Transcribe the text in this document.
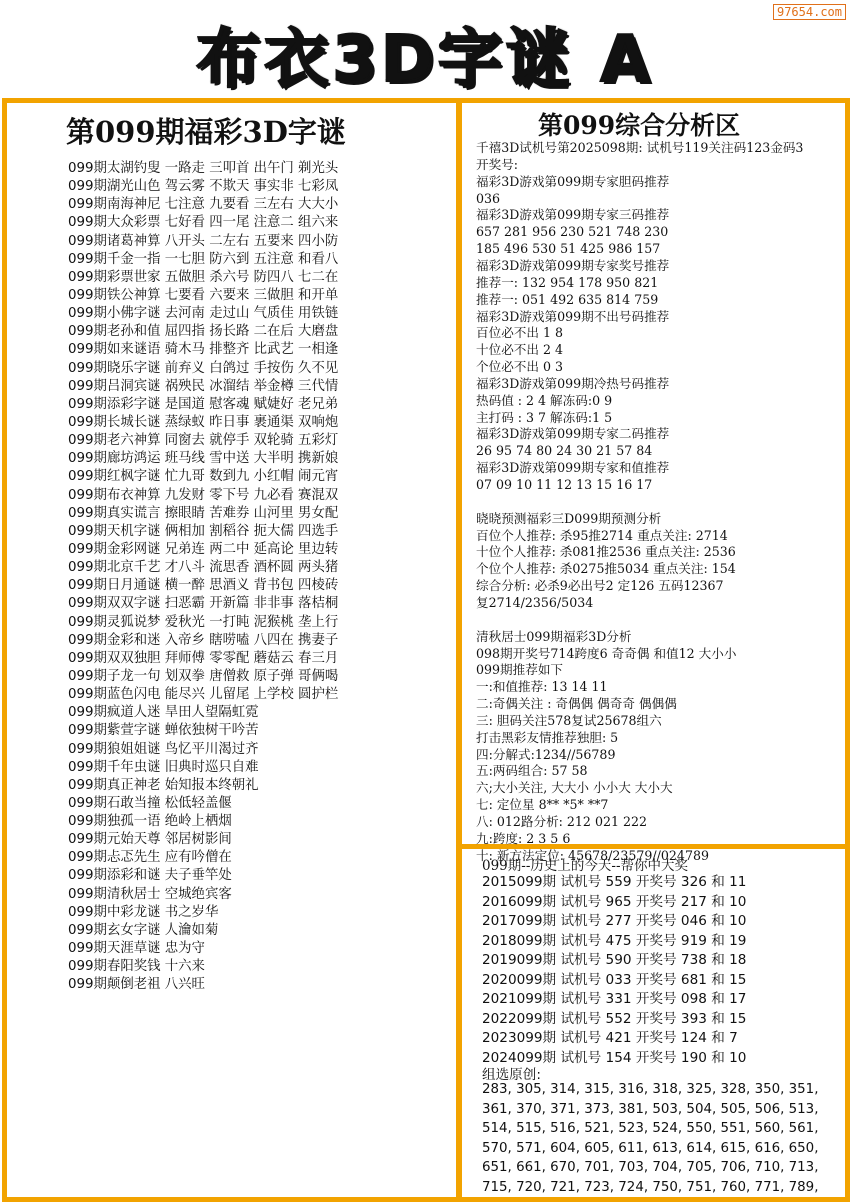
97654.com
布衣3D字谜 A
第099期福彩3D字谜
099期太湖钓叟 一路走 三叩首 出午门 剃光头
099期湖光山色 驾云雾 不欺天 事实非 七彩凤
099期南海神尼 七注意 九要看 三左右 大大小
099期大众彩票 七好看 四一尾 注意二 组六来
099期诸葛神算 八开头 二左右 五要来 四小防
099期千金一指 一七胆 防六到 五注意 和看八
099期彩票世家 五做胆 杀六号 防四八 七二在
099期铁公神算 七要看 六要来 三做胆 和开单
099期小佛字谜 去河南 走过山 气质佳 用铁链
099期老孙和值 屈四指 扬长路 二在后 大磨盘
099期如来谜语 骑木马 排整齐 比武艺 一相逢
099期晓乐字谜 前弃义 白鸽过 手按伤 久不见
099期吕洞宾谜 祸殃民 冰溜结 举金樽 三代情
099期添彩字谜 是国道 慰客魂 赋婕好 老兄弟
099期长城长谜 蒸绿蚁 昨日事 裹通渠 双响炮
099期老六神算 同窗去 就停手 双轮骑 五彩灯
099期廊坊鸿运 班马线 雪中送 大半明 携新娘
099期红枫字谜 忙九哥 数到九 小红帽 闹元宵
099期布衣神算 九发财 零下号 九必看 赛混双
099期真实谎言 擦眼睛 苦难券 山河里 男女配
099期天机字谜 俩相加 割稻谷 扼大儒 四选手
099期金彩网谜 兄弟连 两二中 延高论 里边转
099期北京千艺 才八斗 流思香 酒杯圆 两头猪
099期日月通谜 横一醉 思酒义 背书包 四棱砖
099期双双字谜 扫恶霸 开新篇 非非事 落桔桐
099期灵狐说梦 爱秋光 一打盹 泥猴桃 垄上行
099期金彩和迷 入帝乡 瞎唠嗑 八四在 携妻子
099期双双独胆 拜师傅 零零配 蘑菇云 春三月
099期子龙一句 划双拳 唐僧救 原子弹 哥俩喝
099期蓝色闪电 能尽兴 儿留尾 上学校 圆护栏
099期疯道人迷 旱田人望隔虹霓
099期紫萱字谜 蝉依独树干吟苦
099期狼姐姐谜 鸟忆平川渴过齐
099期千年虫谜 旧典时巡只自难
099期真正神老 始知报本终朝礼
099期石敢当撞 松低轻盖偃
099期独孤一语 绝岭上栖烟
099期元始天尊 邻居树影间
099期忐忑先生 应有吟僧在
099期添彩和谜 夫子垂竿处
099期清秋居士 空城绝宾客
099期中彩龙谜 书之岁华
099期玄女字谜 人瀹如菊
099期天涯草谜 忠为守
099期春阳奖钱 十六来
099期颠倒老祖 八兴旺
第099综合分析区
千禧3D试机号第2025098期: 试机号119关注码123金码3
开奖号:
福彩3D游戏第099期专家胆码推荐
036
福彩3D游戏第099期专家三码推荐
657 281 956 230 521 748 230
185 496 530 51 425 986 157
福彩3D游戏第099期专家奖号推荐
推荐一: 132 954 178 950 821
推荐一: 051 492 635 814 759
福彩3D游戏第099期不出号码推荐
百位必不出 1 8
十位必不出 2 4
个位必不出 0 3
福彩3D游戏第099期冷热号码推荐
热码值 : 2 4 解冻码:0 9
主打码 : 3 7 解冻码:1 5
福彩3D游戏第099期专家二码推荐
26 95 74 80 24 30 21 57 84
福彩3D游戏第099期专家和值推荐
07 09 10 11 12 13 15 16 17
晓晓预测福彩三D099期预测分析
百位个人推荐: 杀95推2714 重点关注: 2714
十位个人推荐: 杀081推2536 重点关注: 2536
个位个人推荐: 杀0275推5034 重点关注: 154
综合分析: 必杀9必出号2 定126 五码12367
复2714/2356/5034
清秋居士099期福彩3D分析
098期开奖号714跨度6 奇奇偶 和值12 大小小
099期推荐如下
一:和值推荐: 13 14 11
二:奇偶关注 : 奇偶偶 偶奇奇 偶偶偶
三: 胆码关注578复试25678组六
打击黑彩友情推荐独胆: 5
四:分解式:1234//56789
五:两码组合: 57 58
六;大小关注, 大大小 小小大 大小大
七: 定位星 8** *5* **7
八: 012路分析: 212 021 222
九:跨度: 2 3 5 6
十: 新方法定位: 45678/23579//024789
099期--历史上的今天--帮你中大奖
2015099期 试机号 559 开奖号 326 和 11
2016099期 试机号 965 开奖号 217 和 10
2017099期 试机号 277 开奖号 046 和 10
2018099期 试机号 475 开奖号 919 和 19
2019099期 试机号 590 开奖号 738 和 18
2020099期 试机号 033 开奖号 681 和 15
2021099期 试机号 331 开奖号 098 和 17
2022099期 试机号 552 开奖号 393 和 15
2023099期 试机号 421 开奖号 124 和 7
2024099期 试机号 154 开奖号 190 和 10
组选原创:
283, 305, 314, 315, 316, 318, 325, 328, 350, 351,
361, 370, 371, 373, 381, 503, 504, 505, 506, 513,
514, 515, 516, 521, 523, 524, 550, 551, 560, 561,
570, 571, 604, 605, 611, 613, 614, 615, 616, 650,
651, 661, 670, 701, 703, 704, 705, 706, 710, 713,
715, 720, 721, 723, 724, 750, 751, 760, 771, 789,
